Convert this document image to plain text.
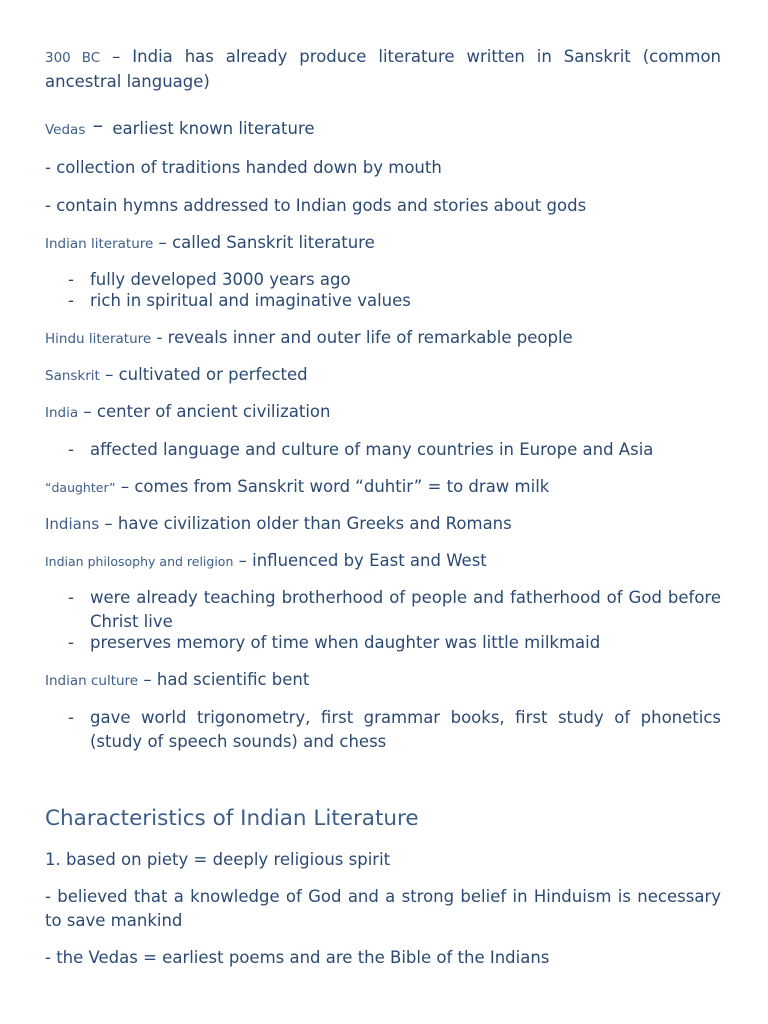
300 BC – India has already produce literature written in Sanskrit (common ancestral language)
Vedas – earliest known literature
- collection of traditions handed down by mouth
- contain hymns addressed to Indian gods and stories about gods
Indian literature – called Sanskrit literature
- fully developed 3000 years ago
- rich in spiritual and imaginative values
Hindu literature - reveals inner and outer life of remarkable people
Sanskrit – cultivated or perfected
India – center of ancient civilization
- affected language and culture of many countries in Europe and Asia
“daughter” – comes from Sanskrit word “duhtir” = to draw milk
Indians – have civilization older than Greeks and Romans
Indian philosophy and religion – influenced by East and West
- were already teaching brotherhood of people and fatherhood of God before Christ live
- preserves memory of time when daughter was little milkmaid
Indian culture – had scientific bent
- gave world trigonometry, first grammar books, first study of phonetics (study of speech sounds) and chess
Characteristics of Indian Literature
1. based on piety = deeply religious spirit
- believed that a knowledge of God and a strong belief in Hinduism is necessary to save mankind
- the Vedas = earliest poems and are the Bible of the Indians
